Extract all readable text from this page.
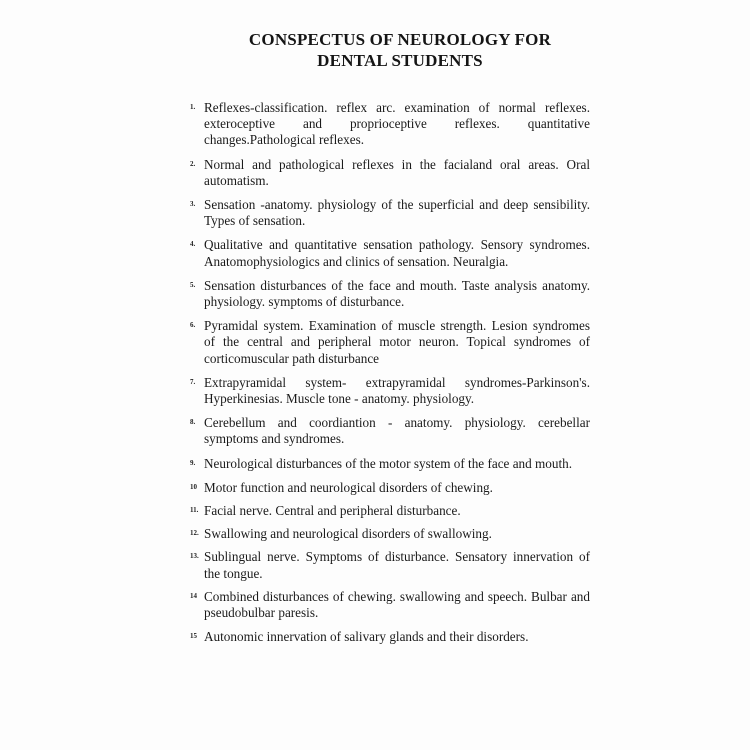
CONSPECTUS OF NEUROLOGY FOR
DENTAL STUDENTS
1. Reflexes-classification. reflex arc. examination of normal reflexes. exteroceptive and proprioceptive reflexes. quantitative changes.Pathological reflexes.
2. Normal and pathological reflexes in the facialand oral areas. Oral automatism.
3. Sensation -anatomy. physiology of the superficial and deep sensibility. Types of sensation.
4. Qualitative and quantitative sensation pathology. Sensory syndromes. Anatomophysiologics and clinics of sensation. Neuralgia.
5. Sensation disturbances of the face and mouth. Taste analysis anatomy. physiology. symptoms of disturbance.
6. Pyramidal system. Examination of muscle strength. Lesion syndromes of the central and peripheral motor neuron. Topical syndromes of corticomuscular path disturbance
7. Extrapyramidal system- extrapyramidal syndromes-Parkinson's. Hyperkinesias. Muscle tone - anatomy. physiology.
8. Cerebellum and coordiantion - anatomy. physiology. cerebellar symptoms and syndromes.
9. Neurological disturbances of the motor system of the face and mouth.
10 Motor function and neurological disorders of chewing.
11. Facial nerve. Central and peripheral disturbance.
12. Swallowing and neurological disorders of swallowing.
13. Sublingual nerve. Symptoms of disturbance. Sensatory innervation of the tongue.
14 Combined disturbances of chewing. swallowing and speech. Bulbar and pseudobulbar paresis.
15 Autonomic innervation of salivary glands and their disorders.
